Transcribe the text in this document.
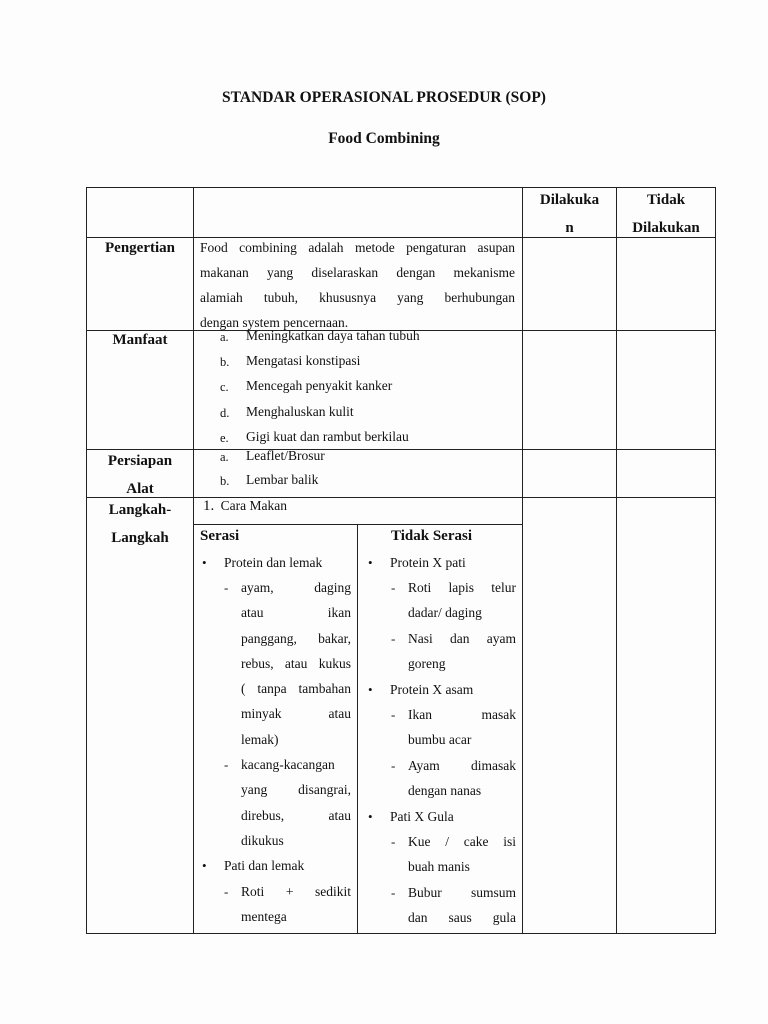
STANDAR OPERASIONAL PROSEDUR (SOP)
Food Combining
Dilakuka
n
Tidak
Dilakukan
Pengertian	Food combining adalah metode pengaturan asupan
makanan yang diselaraskan dengan mekanisme
alamiah tubuh, khususnya yang berhubungan
dengan system pencernaan.
Manfaat	a. Meningkatkan daya tahan tubuh
b. Mengatasi konstipasi
c. Mencegah penyakit kanker
d. Menghaluskan kulit
e. Gigi kuat dan rambut berkilau
Persiapan
Alat
a. Leaflet/Brosur
b. Lembar balik
Langkah-
Langkah
1. Cara Makan
Serasi
• Protein dan lemak
- ayam, daging
atau ikan
panggang, bakar,
rebus, atau kukus
( tanpa tambahan
minyak atau
lemak)
- kacang-kacangan
yang disangrai,
direbus, atau
dikukus
• Pati dan lemak
- Roti + sedikit
mentega
Tidak Serasi
• Protein X pati
- Roti lapis telur
dadar/ daging
- Nasi dan ayam
goreng
• Protein X asam
- Ikan masak
bumbu acar
- Ayam dimasak
dengan nanas
• Pati X Gula
- Kue / cake isi
buah manis
- Bubur sumsum
dan saus gula
